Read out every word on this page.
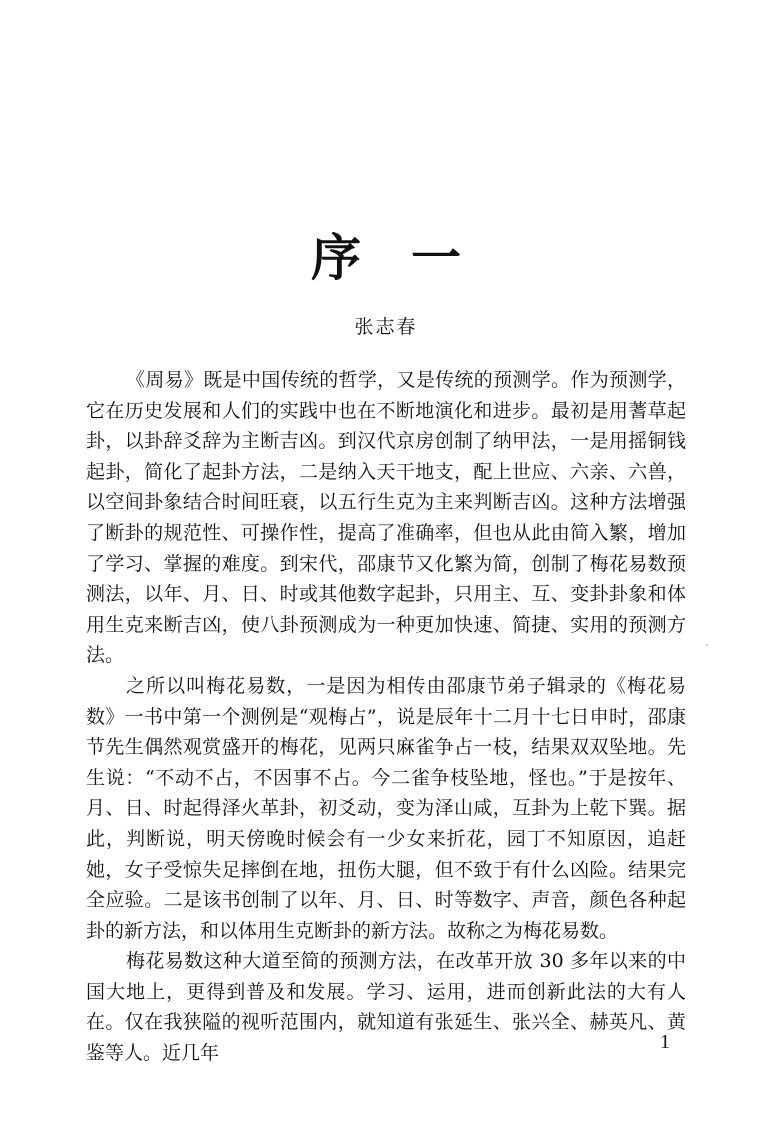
序　一
张志春

《周易》既是中国传统的哲学，又是传统的预测学。作为预测学，它在历史发展和人们的实践中也在不断地演化和进步。最初是用蓍草起卦，以卦辞爻辞为主断吉凶。到汉代京房创制了纳甲法，一是用摇铜钱起卦，简化了起卦方法，二是纳入天干地支，配上世应、六亲、六兽，以空间卦象结合时间旺衰，以五行生克为主来判断吉凶。这种方法增强了断卦的规范性、可操作性，提高了准确率，但也从此由简入繁，增加了学习、掌握的难度。到宋代，邵康节又化繁为简，创制了梅花易数预测法，以年、月、日、时或其他数字起卦，只用主、互、变卦卦象和体用生克来断吉凶，使八卦预测成为一种更加快速、简捷、实用的预测方法。

之所以叫梅花易数，一是因为相传由邵康节弟子辑录的《梅花易数》一书中第一个测例是“观梅占”，说是辰年十二月十七日申时，邵康节先生偶然观赏盛开的梅花，见两只麻雀争占一枝，结果双双坠地。先生说：“不动不占，不因事不占。今二雀争枝坠地，怪也。”于是按年、月、日、时起得泽火革卦，初爻动，变为泽山咸，互卦为上乾下巽。据此，判断说，明天傍晚时候会有一少女来折花，园丁不知原因，追赶她，女子受惊失足摔倒在地，扭伤大腿，但不致于有什么凶险。结果完全应验。二是该书创制了以年、月、日、时等数字、声音，颜色各种起卦的新方法，和以体用生克断卦的新方法。故称之为梅花易数。

梅花易数这种大道至简的预测方法，在改革开放 30 多年以来的中国大地上，更得到普及和发展。学习、运用，进而创新此法的大有人在。仅在我狭隘的视听范围内，就知道有张延生、张兴全、赫英凡、黄鉴等人。近几年

1
